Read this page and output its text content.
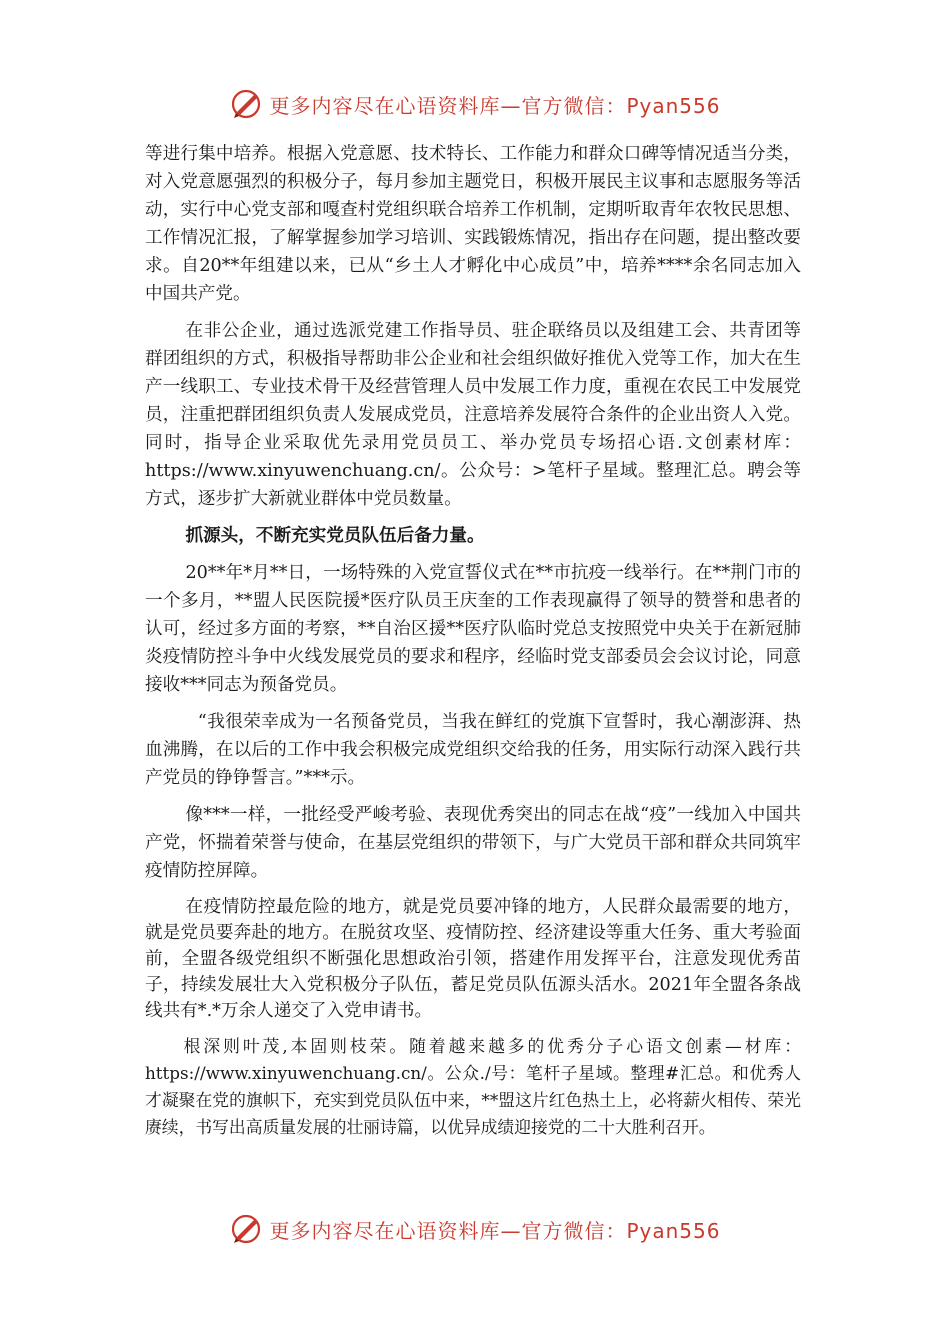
更多内容尽在心语资料库—官方微信：Pyan556

等进行集中培养。根据入党意愿、技术特长、工作能力和群众口碑等情况适当分类，对入党意愿强烈的积极分子，每月参加主题党日，积极开展民主议事和志愿服务等活动，实行中心党支部和嘎查村党组织联合培养工作机制，定期听取青年农牧民思想、工作情况汇报，了解掌握参加学习培训、实践锻炼情况，指出存在问题，提出整改要求。自20**年组建以来，已从“乡土人才孵化中心成员”中，培养****余名同志加入中国共产党。

在非公企业，通过选派党建工作指导员、驻企联络员以及组建工会、共青团等群团组织的方式，积极指导帮助非公企业和社会组织做好推优入党等工作，加大在生产一线职工、专业技术骨干及经营管理人员中发展工作力度，重视在农民工中发展党员，注重把群团组织负责人发展成党员，注意培养发展符合条件的企业出资人入党。同时，指导企业采取优先录用党员员工、举办党员专场招心语.文创素材库：https://www.xinyuwenchuang.cn/。公众号：>笔杆子星域。整理汇总。聘会等方式，逐步扩大新就业群体中党员数量。

抓源头，不断充实党员队伍后备力量。

20**年*月**日，一场特殊的入党宣誓仪式在**市抗疫一线举行。在**荆门市的一个多月，**盟人民医院援*医疗队员王庆奎的工作表现赢得了领导的赞誉和患者的认可，经过多方面的考察，**自治区援**医疗队临时党总支按照党中央关于在新冠肺炎疫情防控斗争中火线发展党员的要求和程序，经临时党支部委员会会议讨论，同意接收***同志为预备党员。

“我很荣幸成为一名预备党员，当我在鲜红的党旗下宣誓时，我心潮澎湃、热血沸腾，在以后的工作中我会积极完成党组织交给我的任务，用实际行动深入践行共产党员的铮铮誓言。”***示。

像***一样，一批经受严峻考验、表现优秀突出的同志在战“疫”一线加入中国共产党，怀揣着荣誉与使命，在基层党组织的带领下，与广大党员干部和群众共同筑牢疫情防控屏障。

在疫情防控最危险的地方，就是党员要冲锋的地方，人民群众最需要的地方，就是党员要奔赴的地方。在脱贫攻坚、疫情防控、经济建设等重大任务、重大考验面前，全盟各级党组织不断强化思想政治引领，搭建作用发挥平台，注意发现优秀苗子，持续发展壮大入党积极分子队伍，蓄足党员队伍源头活水。2021年全盟各条战线共有*.*万余人递交了入党申请书。

根深则叶茂,本固则枝荣。随着越来越多的优秀分子心语文创素—材库：https://www.xinyuwenchuang.cn/。公众./号：笔杆子星域。整理#汇总。和优秀人才凝聚在党的旗帜下，充实到党员队伍中来，**盟这片红色热土上，必将薪火相传、荣光赓续，书写出高质量发展的壮丽诗篇，以优异成绩迎接党的二十大胜利召开。

更多内容尽在心语资料库—官方微信：Pyan556
